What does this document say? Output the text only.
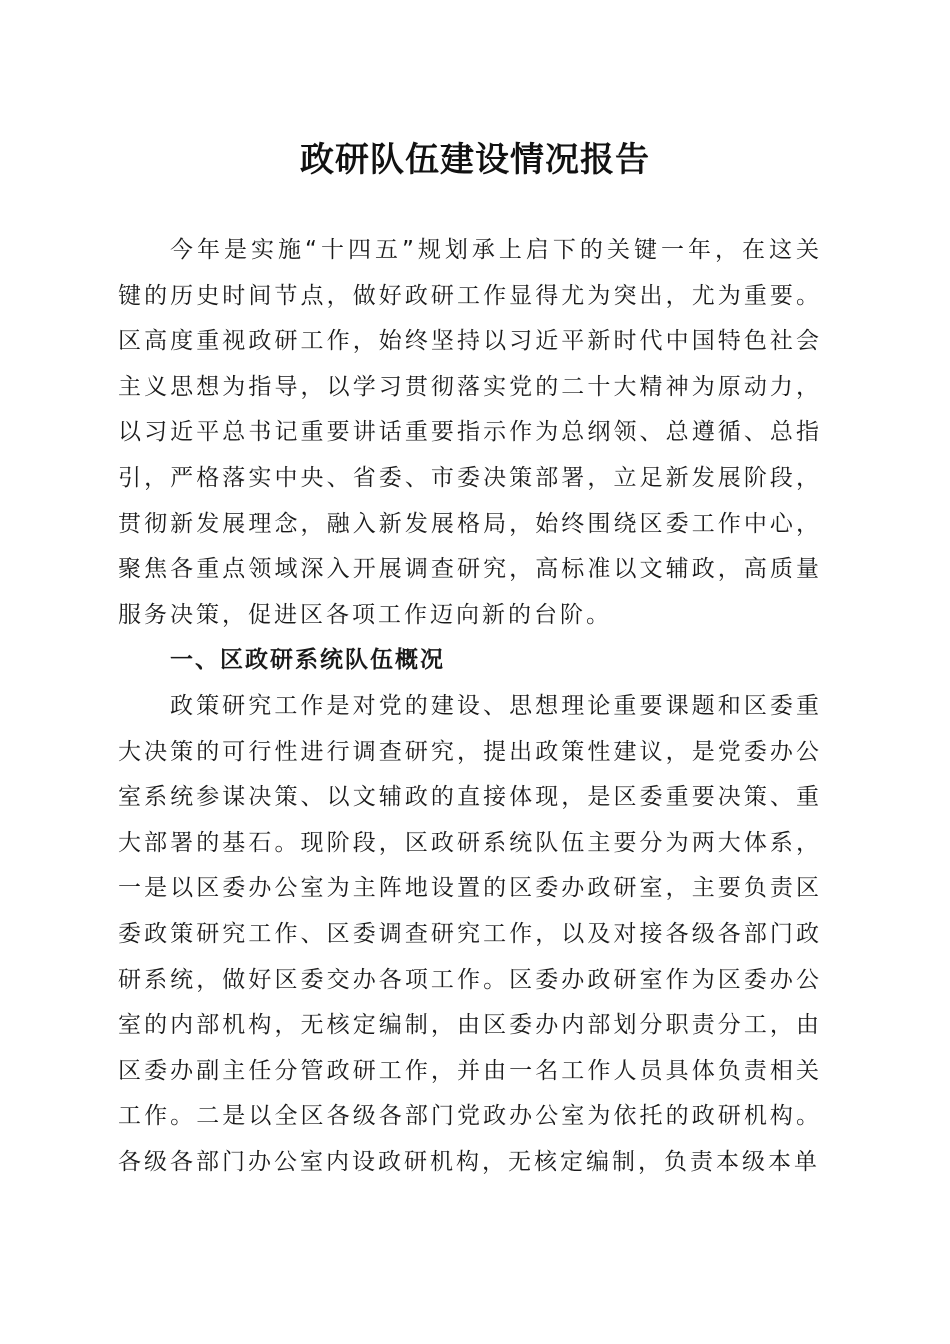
政研队伍建设情况报告

今年是实施“十四五”规划承上启下的关键一年，在这关键的历史时间节点，做好政研工作显得尤为突出，尤为重要。区高度重视政研工作，始终坚持以习近平新时代中国特色社会主义思想为指导，以学习贯彻落实党的二十大精神为原动力，以习近平总书记重要讲话重要指示作为总纲领、总遵循、总指引，严格落实中央、省委、市委决策部署，立足新发展阶段，贯彻新发展理念，融入新发展格局，始终围绕区委工作中心，聚焦各重点领域深入开展调查研究，高标准以文辅政，高质量服务决策，促进区各项工作迈向新的台阶。

一、区政研系统队伍概况

政策研究工作是对党的建设、思想理论重要课题和区委重大决策的可行性进行调查研究，提出政策性建议，是党委办公室系统参谋决策、以文辅政的直接体现，是区委重要决策、重大部署的基石。现阶段，区政研系统队伍主要分为两大体系，一是以区委办公室为主阵地设置的区委办政研室，主要负责区委政策研究工作、区委调查研究工作，以及对接各级各部门政研系统，做好区委交办各项工作。区委办政研室作为区委办公室的内部机构，无核定编制，由区委办内部划分职责分工，由区委办副主任分管政研工作，并由一名工作人员具体负责相关工作。二是以全区各级各部门党政办公室为依托的政研机构。各级各部门办公室内设政研机构，无核定编制，负责本级本单
